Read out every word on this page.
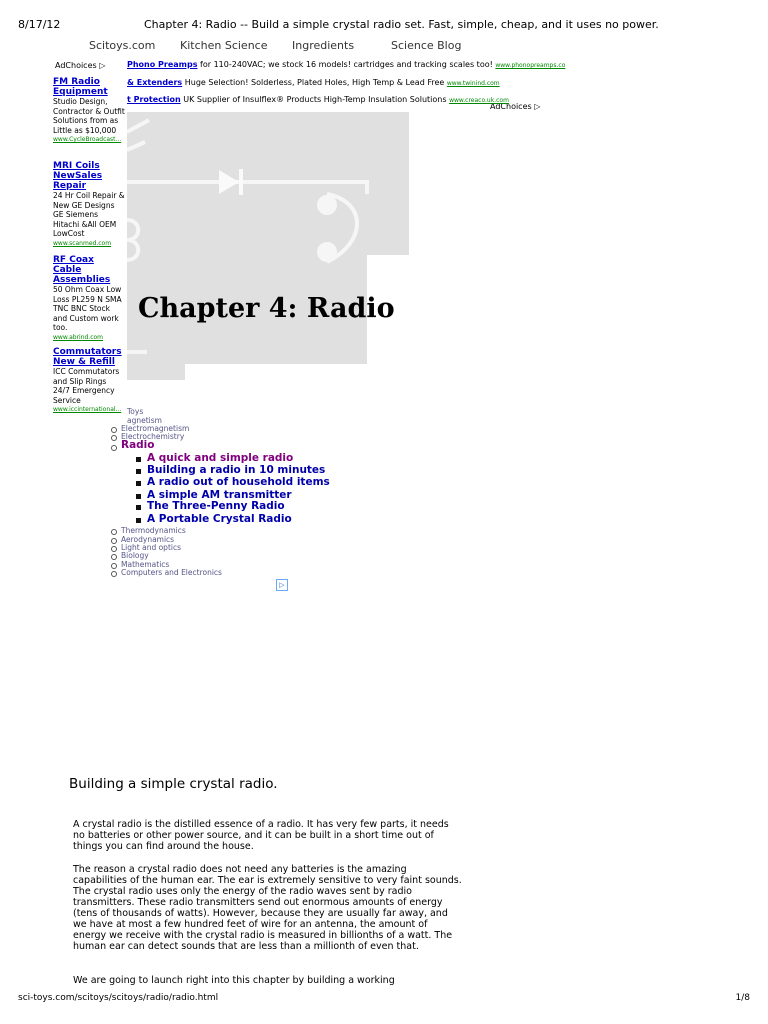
8/17/12	Chapter 4: Radio -- Build a simple crystal radio set. Fast, simple, cheap, and it uses no power.
Scitoys.com Kitchen Science Ingredients	Science Blog
AdChoices ▷
AdChoices ▷
Phono Preamps for 110-240VAC; we stock 16 models! cartridges and tracking scales too! www.phonopreamps.co
& Extenders Huge Selection! Solderless, Plated Holes, High Temp & Lead Free www.twinind.com
t Protection UK Supplier of Insulflex® Products High-Temp Insulation Solutions www.creaco.uk.com
Chapter 4: Radio
FM Radio Equipment
Studio Design, Contractor & Outfit Solutions from as Little as $10,000
www.CycleBroadcast...
MRI Coils NewSales Repair
24 Hr Coil Repair & New GE Designs GE Siemens Hitachi &All OEM LowCost
www.scanmed.com
RF Coax Cable Assemblies
50 Ohm Coax Low Loss PL259 N SMA TNC BNC Stock and Custom work too.
www.abrind.com
Commutators New & Refill
ICC Commutators and Slip Rings 24/7 Emergency Service
www.iccinternational... Toys
agnetism
Electromagnetism
Electrochemistry
Radio
A quick and simple radio
Building a radio in 10 minutes
A radio out of household items
A simple AM transmitter
The Three-Penny Radio
A Portable Crystal Radio
Thermodynamics
Aerodynamics
Light and optics
Biology
Mathematics
Computers and Electronics
▷
Building a simple crystal radio.
A crystal radio is the distilled essence of a radio. It has very few parts, it needs no batteries or other power source, and it can be built in a short time out of things you can find around the house.
The reason a crystal radio does not need any batteries is the amazing capabilities of the human ear. The ear is extremely sensitive to very faint sounds. The crystal radio uses only the energy of the radio waves sent by radio transmitters. These radio transmitters send out enormous amounts of energy (tens of thousands of watts). However, because they are usually far away, and we have at most a few hundred feet of wire for an antenna, the amount of energy we receive with the crystal radio is measured in billionths of a watt. The human ear can detect sounds that are less than a millionth of even that.
We are going to launch right into this chapter by building a working
sci-toys.com/scitoys/scitoys/radio/radio.html	1/8
